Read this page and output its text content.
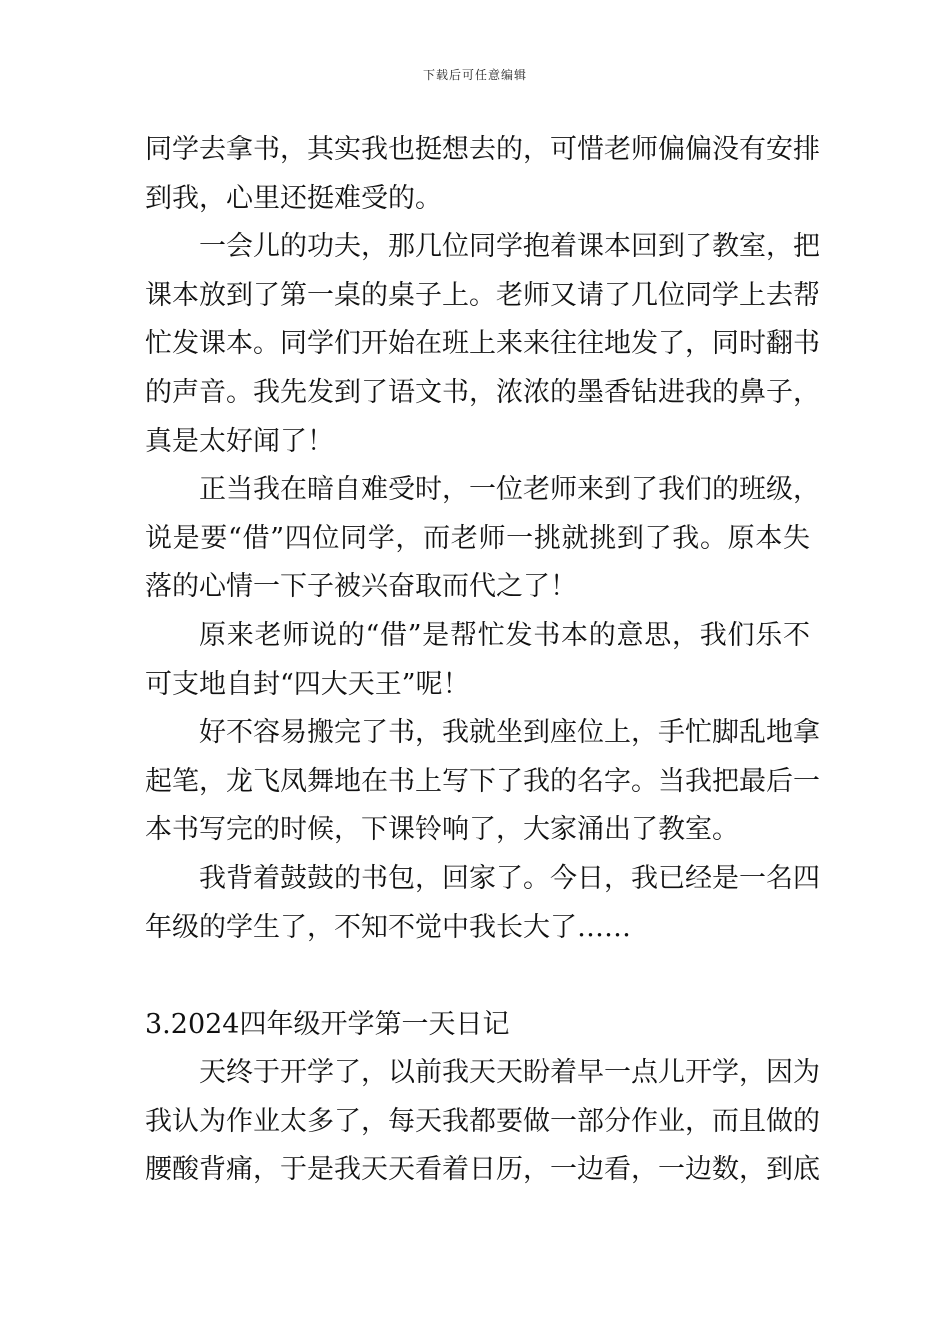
下载后可任意编辑
同学去拿书，其实我也挺想去的，可惜老师偏偏没有安排
到我，心里还挺难受的。
一会儿的功夫，那几位同学抱着课本回到了教室，把
课本放到了第一桌的桌子上。老师又请了几位同学上去帮
忙发课本。同学们开始在班上来来往往地发了，同时翻书
的声音。我先发到了语文书，浓浓的墨香钻进我的鼻子，
真是太好闻了！
正当我在暗自难受时，一位老师来到了我们的班级，
说是要“借”四位同学，而老师一挑就挑到了我。原本失
落的心情一下子被兴奋取而代之了！
原来老师说的“借”是帮忙发书本的意思，我们乐不
可支地自封“四大天王”呢！
好不容易搬完了书，我就坐到座位上，手忙脚乱地拿
起笔，龙飞凤舞地在书上写下了我的名字。当我把最后一
本书写完的时候，下课铃响了，大家涌出了教室。
我背着鼓鼓的书包，回家了。今日，我已经是一名四
年级的学生了，不知不觉中我长大了……
3.2024四年级开学第一天日记
天终于开学了，以前我天天盼着早一点儿开学，因为
我认为作业太多了，每天我都要做一部分作业，而且做的
腰酸背痛，于是我天天看着日历，一边看，一边数，到底
